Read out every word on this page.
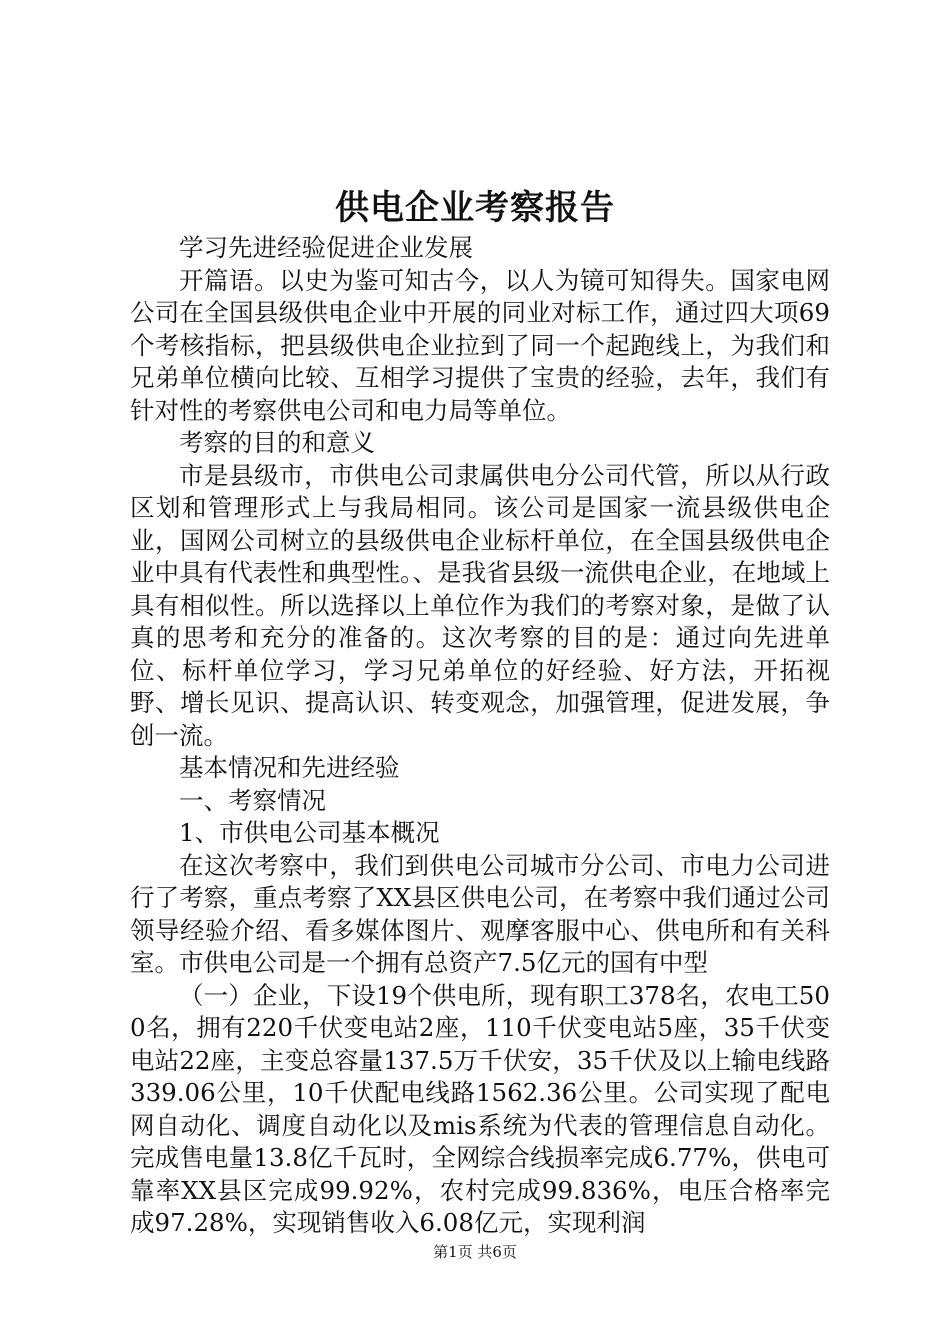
供电企业考察报告

学习先进经验促进企业发展

开篇语。以史为鉴可知古今，以人为镜可知得失。国家电网公司在全国县级供电企业中开展的同业对标工作，通过四大项69个考核指标，把县级供电企业拉到了同一个起跑线上，为我们和兄弟单位横向比较、互相学习提供了宝贵的经验，去年，我们有针对性的考察供电公司和电力局等单位。

考察的目的和意义

市是县级市，市供电公司隶属供电分公司代管，所以从行政区划和管理形式上与我局相同。该公司是国家一流县级供电企业，国网公司树立的县级供电企业标杆单位，在全国县级供电企业中具有代表性和典型性。、是我省县级一流供电企业，在地域上具有相似性。所以选择以上单位作为我们的考察对象，是做了认真的思考和充分的准备的。这次考察的目的是：通过向先进单位、标杆单位学习，学习兄弟单位的好经验、好方法，开拓视野、增长见识、提高认识、转变观念，加强管理，促进发展，争创一流。

基本情况和先进经验

一、考察情况

1、市供电公司基本概况

在这次考察中，我们到供电公司城市分公司、市电力公司进行了考察，重点考察了XX县区供电公司，在考察中我们通过公司领导经验介绍、看多媒体图片、观摩客服中心、供电所和有关科室。市供电公司是一个拥有总资产7.5亿元的国有中型

（一）企业，下设19个供电所，现有职工378名，农电工500名，拥有220千伏变电站2座，110千伏变电站5座，35千伏变电站22座，主变总容量137.5万千伏安，35千伏及以上输电线路339.06公里，10千伏配电线路1562.36公里。公司实现了配电网自动化、调度自动化以及mis系统为代表的管理信息自动化。完成售电量13.8亿千瓦时，全网综合线损率完成6.77%，供电可靠率XX县区完成99.92%，农村完成99.836%，电压合格率完成97.28%，实现销售收入6.08亿元，实现利润

第1页 共6页
